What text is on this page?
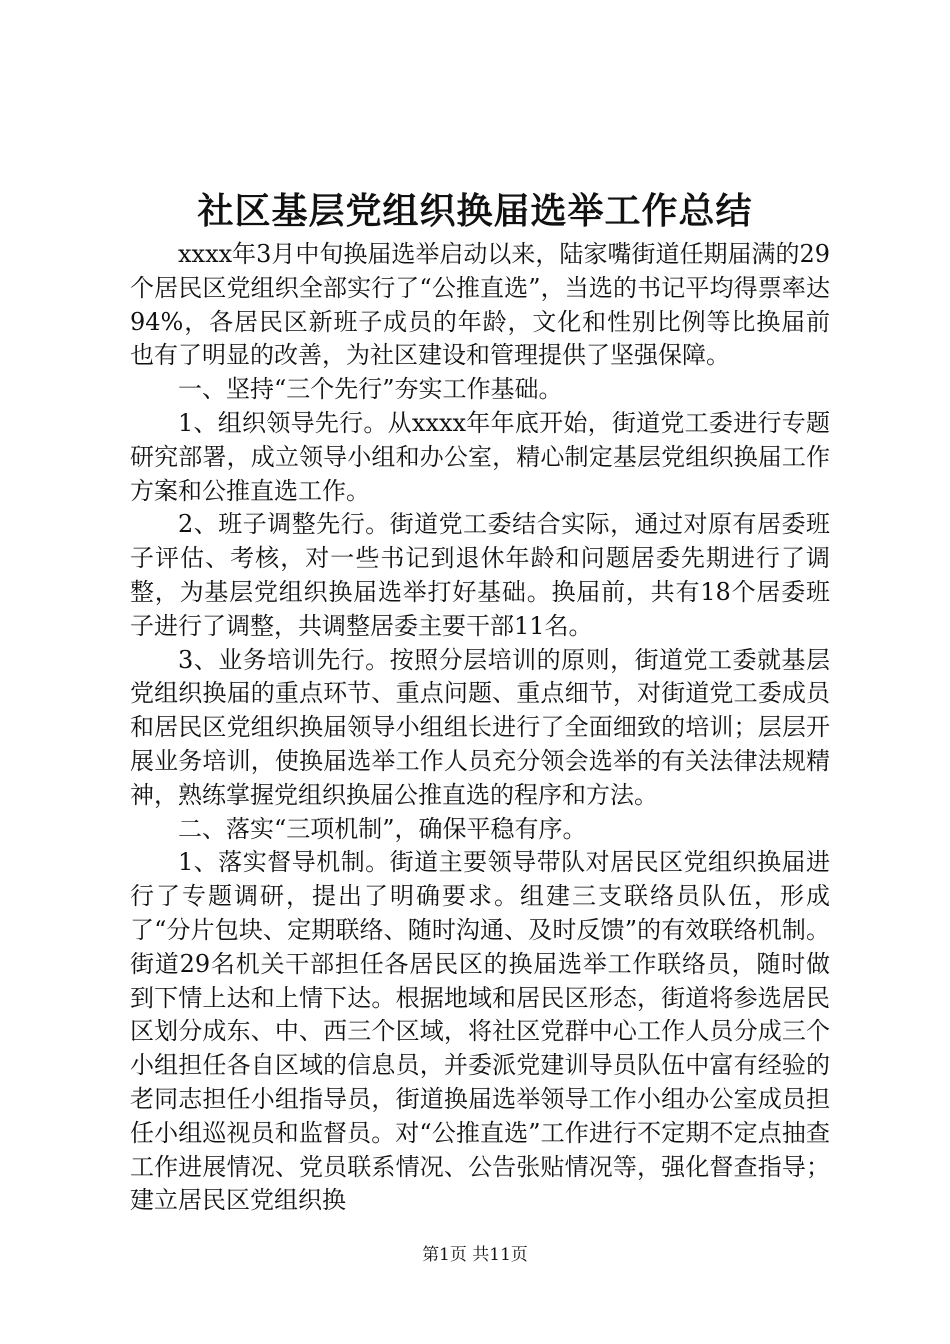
社区基层党组织换届选举工作总结

xxxx年3月中旬换届选举启动以来，陆家嘴街道任期届满的29个居民区党组织全部实行了“公推直选”，当选的书记平均得票率达94%，各居民区新班子成员的年龄，文化和性别比例等比换届前也有了明显的改善，为社区建设和管理提供了坚强保障。

一、坚持“三个先行”夯实工作基础。

1、组织领导先行。从xxxx年年底开始，街道党工委进行专题研究部署，成立领导小组和办公室，精心制定基层党组织换届工作方案和公推直选工作。

2、班子调整先行。街道党工委结合实际，通过对原有居委班子评估、考核，对一些书记到退休年龄和问题居委先期进行了调整，为基层党组织换届选举打好基础。换届前，共有18个居委班子进行了调整，共调整居委主要干部11名。

3、业务培训先行。按照分层培训的原则，街道党工委就基层党组织换届的重点环节、重点问题、重点细节，对街道党工委成员和居民区党组织换届领导小组组长进行了全面细致的培训；层层开展业务培训，使换届选举工作人员充分领会选举的有关法律法规精神，熟练掌握党组织换届公推直选的程序和方法。

二、落实“三项机制”，确保平稳有序。

1、落实督导机制。街道主要领导带队对居民区党组织换届进行了专题调研，提出了明确要求。组建三支联络员队伍，形成了“分片包块、定期联络、随时沟通、及时反馈”的有效联络机制。街道29名机关干部担任各居民区的换届选举工作联络员，随时做到下情上达和上情下达。根据地域和居民区形态，街道将参选居民区划分成东、中、西三个区域，将社区党群中心工作人员分成三个小组担任各自区域的信息员，并委派党建训导员队伍中富有经验的老同志担任小组指导员，街道换届选举领导工作小组办公室成员担任小组巡视员和监督员。对“公推直选”工作进行不定期不定点抽查工作进展情况、党员联系情况、公告张贴情况等，强化督查指导；建立居民区党组织换

第1页 共11页
